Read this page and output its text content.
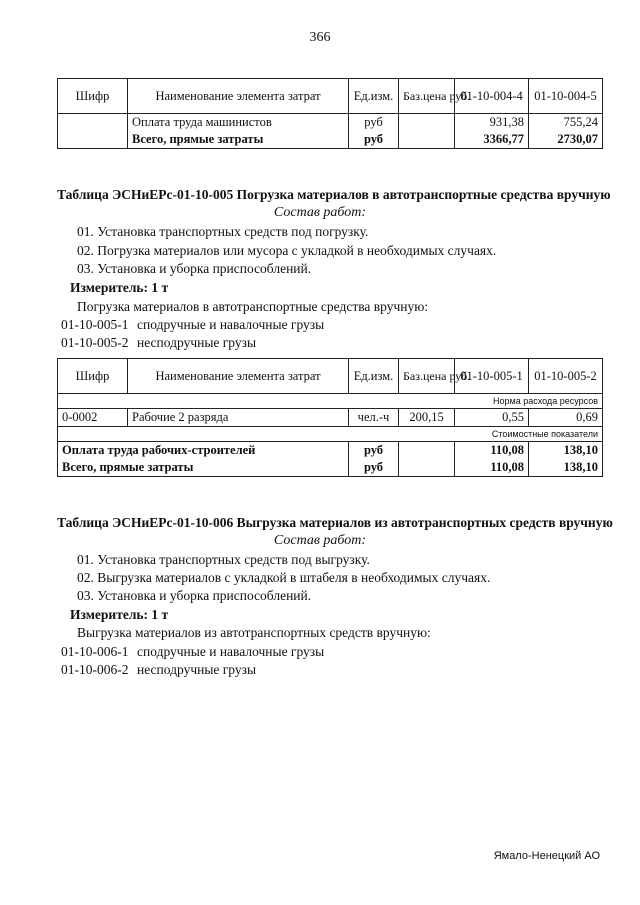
366
Шифр	Наименование элемента затрат	Ед.изм.	Баз.цена руб.	01-10-004-4	01-10-004-5
	Оплата труда машинистов	руб		931,38	755,24
	Всего, прямые затраты	руб		3366,77	2730,07
Таблица ЭСНиЕРс-01-10-005 Погрузка материалов в автотранспортные средства вручную
Состав работ:
01. Установка транспортных средств под погрузку.
02. Погрузка материалов или мусора с укладкой в необходимых случаях.
03. Установка и уборка приспособлений.
Измеритель: 1 т
Погрузка материалов в автотранспортные средства вручную:
01-10-005-1 сподручные и навалочные грузы
01-10-005-2 несподручные грузы
Шифр	Наименование элемента затрат	Ед.изм.	Баз.цена руб.	01-10-005-1	01-10-005-2
Норма расхода ресурсов					
0-0002	Рабочие 2 разряда	чел.-ч	200,15	0,55	0,69
Стоимостные показатели					
Оплата труда рабочих-строителей		руб		110,08	138,10
Всего, прямые затраты		руб		110,08	138,10
Таблица ЭСНиЕРс-01-10-006 Выгрузка материалов из автотранспортных средств вручную
Состав работ:
01. Установка транспортных средств под выгрузку.
02. Выгрузка материалов с укладкой в штабеля в необходимых случаях.
03. Установка и уборка приспособлений.
Измеритель: 1 т
Выгрузка материалов из автотранспортных средств вручную:
01-10-006-1 сподручные и навалочные грузы
01-10-006-2 несподручные грузы
Ямало-Ненецкий АО
